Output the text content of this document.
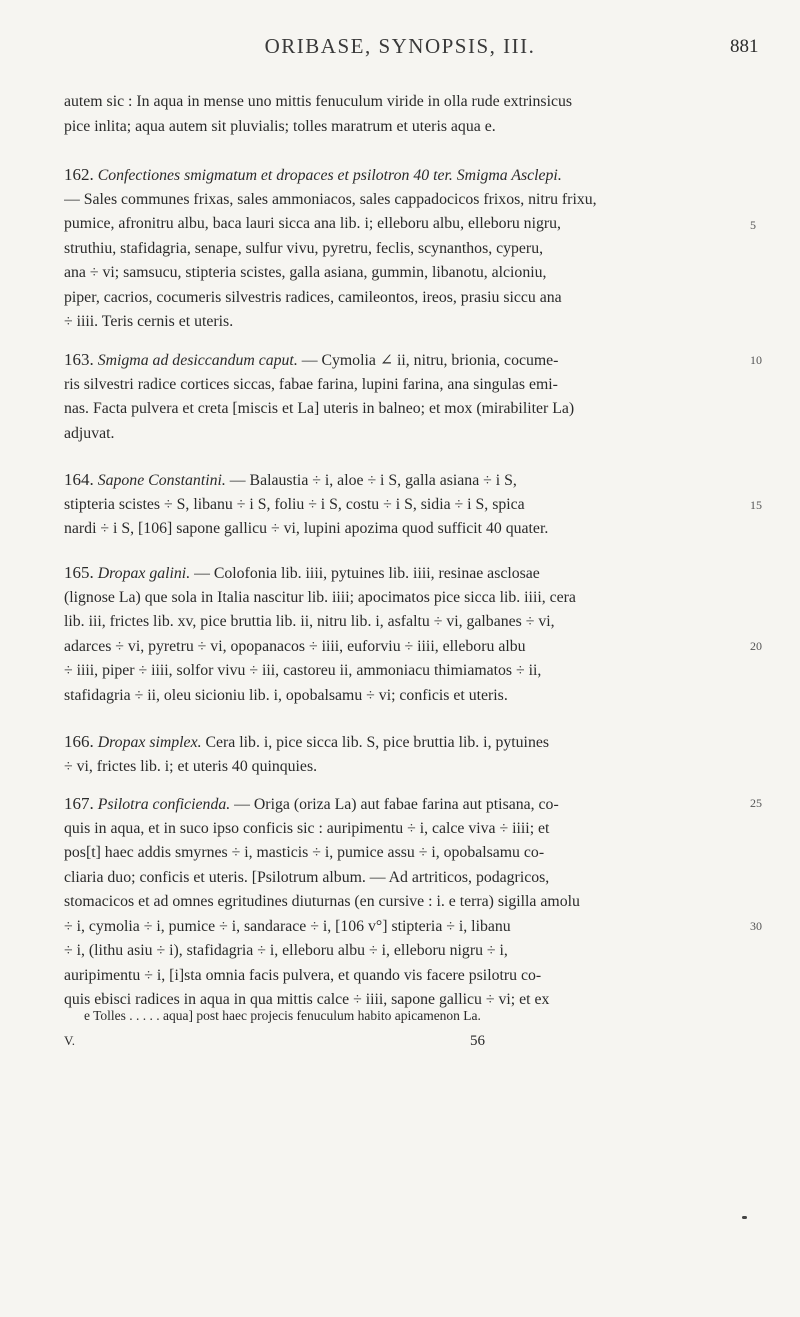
ORIBASE, SYNOPSIS, III.	881
autem sic : In aqua in mense uno mittis fenuculum viride in olla rude extrinsicus
pice inlita; aqua autem sit pluvialis; tolles maratrum et uteris aqua e.
162. Confectiones smigmatum et dropaces et psilotron 40 ter. Smigma Asclepi.
— Sales communes frixas, sales ammoniacos, sales cappadocicos frixos, nitru frixu,
pumice, afronitru albu, baca lauri sicca ana lib. i; elleboru albu, elleboru nigru,
struthiu, stafidagria, senape, sulfur vivu, pyretru, feclis, scynanthos, cyperu,
ana ÷ vi; samsucu, stipteria scistes, galla asiana, gummin, libanotu, alcioniu,
piper, cacrios, cocumeris silvestris radices, camileontos, ireos, prasiu siccu ana
÷ iiii. Teris cernis et uteris.
163. Smigma ad desiccandum caput. — Cymolia ∠ ii, nitru, brionia, cocume-
ris silvestri radice cortices siccas, fabae farina, lupini farina, ana singulas emi-
nas. Facta pulvera et creta [miscis et La] uteris in balneo; et mox (mirabiliter La)
adjuvat.
164. Sapone Constantini. — Balaustia ÷ i, aloe ÷ i S, galla asiana ÷ i S,
stipteria scistes ÷ S, libanu ÷ i S, foliu ÷ i S, costu ÷ i S, sidia ÷ i S, spica
nardi ÷ i S, [106] sapone gallicu ÷ vi, lupini apozima quod sufficit 40 quater.
165. Dropax galini. — Colofonia lib. iiii, pytuines lib. iiii, resinae asclosae
(lignose La) que sola in Italia nascitur lib. iiii; apocimatos pice sicca lib. iiii, cera
lib. iii, frictes lib. xv, pice bruttia lib. ii, nitru lib. i, asfaltu ÷ vi, galbanes ÷ vi,
adarces ÷ vi, pyretru ÷ vi, opopanacos ÷ iiii, euforviu ÷ iiii, elleboru albu
÷ iiii, piper ÷ iiii, solfor vivu ÷ iii, castoreu ii, ammoniacu thimiamatos ÷ ii,
stafidagria ÷ ii, oleu sicioniu lib. i, opobalsamu ÷ vi; conficis et uteris.
166. Dropax simplex. Cera lib. i, pice sicca lib. S, pice bruttia lib. i, pytuines
÷ vi, frictes lib. i; et uteris 40 quinquies.
167. Psilotra conficienda. — Origa (oriza La) aut fabae farina aut ptisana, co-
quis in aqua, et in suco ipso conficis sic : auripimentu ÷ i, calce viva ÷ iiii; et
pos[t] haec addis smyrnes ÷ i, masticis ÷ i, pumice assu ÷ i, opobalsamu co-
cliaria duo; conficis et uteris. [Psilotrum album. — Ad artriticos, podagricos,
stomacicos et ad omnes egritudines diuturnas (en cursive : i. e terra) sigilla amolu
÷ i, cymolia ÷ i, pumice ÷ i, sandarace ÷ i, [106 v°] stipteria ÷ i, libanu
÷ i, (lithu asiu ÷ i), stafidagria ÷ i, elleboru albu ÷ i, elleboru nigru ÷ i,
auripimentu ÷ i, [i]sta omnia facis pulvera, et quando vis facere psilotru co-
quis ebisci radices in aqua in qua mittis calce ÷ iiii, sapone gallicu ÷ vi; et ex
5
10
15
20
25
30
e Tolles . . . . . aqua] post haec projecis fenuculum habito apicamenon La.
V.	56
